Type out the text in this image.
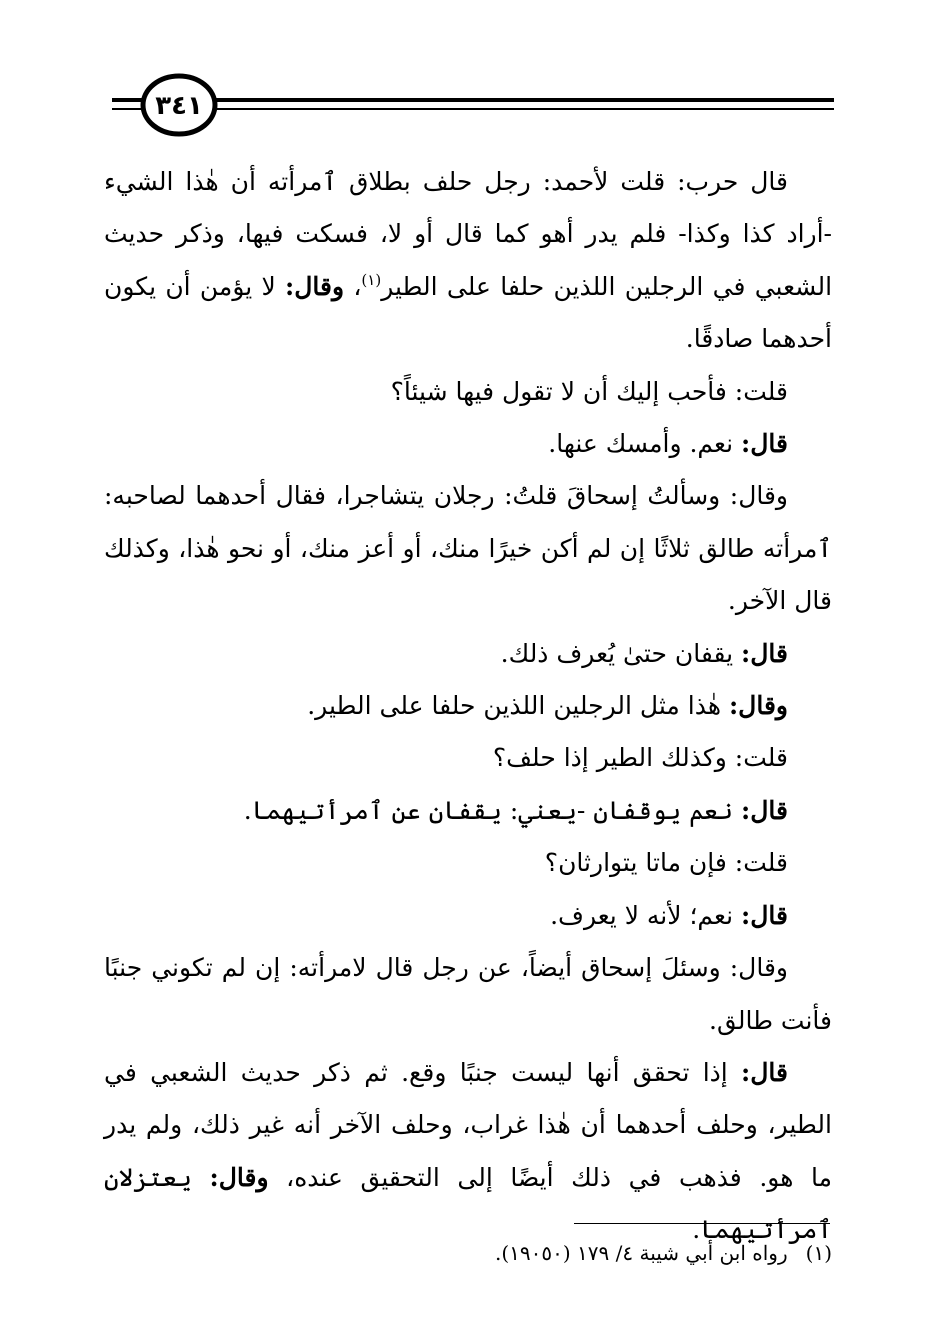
٣٤١

قال حرب: قلت لأحمد: رجل حلف بطلاق ٱمرأته أن هٰذا الشيء -أراد كذا وكذا- فلم يدر أهو كما قال أو لا، فسكت فيها، وذكر حديث الشعبي في الرجلين اللذين حلفا على الطير$^{(١)}$، وقال: لا يؤمن أن يكون أحدهما صادقًا.

قلت: فأحب إليك أن لا تقول فيها شيئاً؟

قال: نعم. وأمسك عنها.

وقال: وسألتُ إسحاقَ قلتُ: رجلان يتشاجرا، فقال أحدهما لصاحبه: ٱمرأته طالق ثلاثًا إن لم أكن خيرًا منك، أو أعز منك، أو نحو هٰذا، وكذلك قال الآخر.

قال: يقفان حتىٰ يُعرف ذلك.

وقال: هٰذا مثل الرجلين اللذين حلفا على الطير.

قلت: وكذلك الطير إذا حلف؟

قال: نعم يوقفان -يعني: يقفان عن ٱمرأتيهما.

قلت: فإن ماتا يتوارثان؟

قال: نعم؛ لأنه لا يعرف.

وقال: وسئلَ إسحاق أيضاً، عن رجل قال لامرأته: إن لم تكوني جنبًا فأنت طالق.

قال: إذا تحقق أنها ليست جنبًا وقع. ثم ذكر حديث الشعبي في الطير، وحلف أحدهما أن هٰذا غراب، وحلف الآخر أنه غير ذلك، ولم يدر ما هو. فذهب في ذلك أيضًا إلى التحقيق عنده، وقال: يعتزلان ٱمرأتيهما.

(١)رواه ابن أبي شيبة ٤/ ١٧٩ (١٩٠٥٠).
